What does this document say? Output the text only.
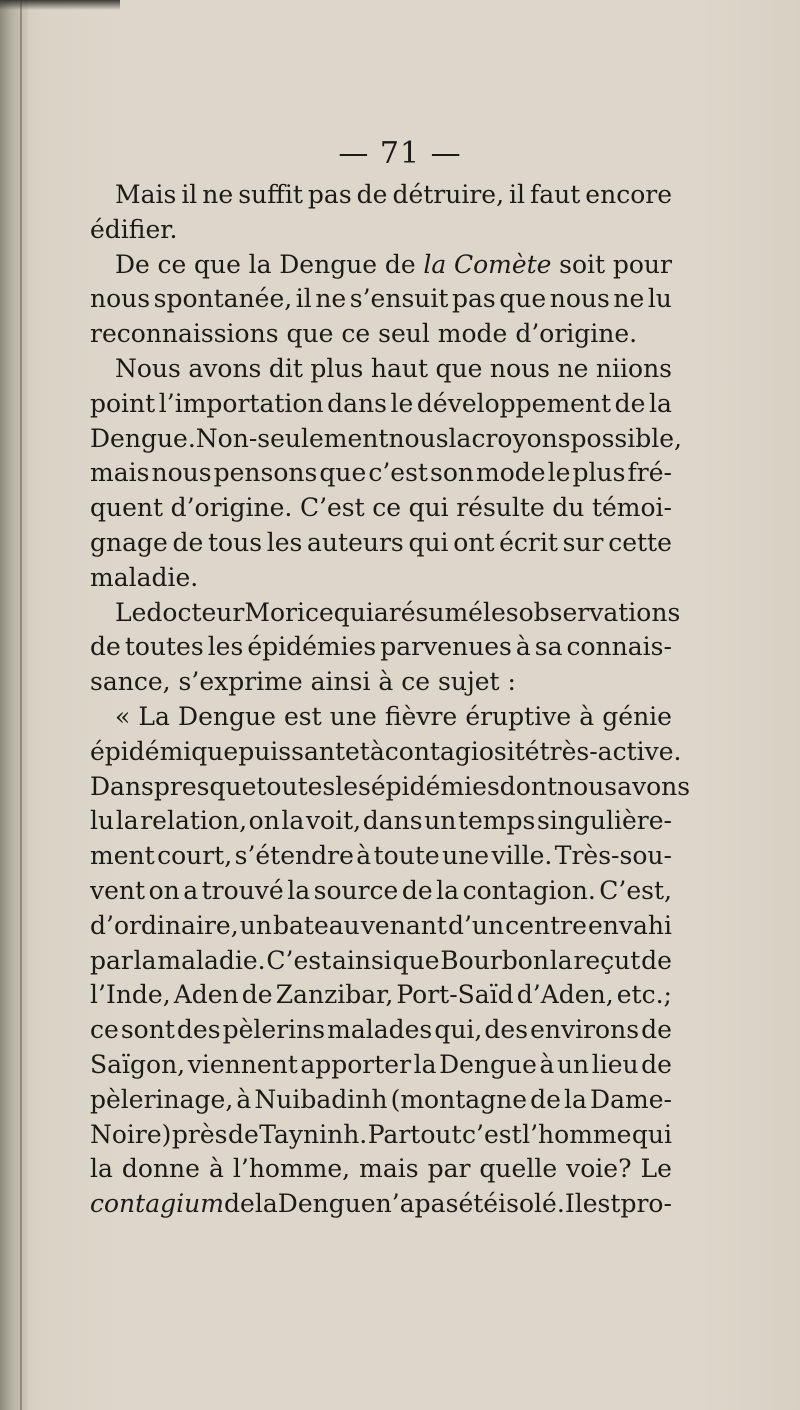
— 71 —
Mais il ne suffit pas de détruire, il faut encore
édifier.
De ce que la Dengue de la Comète soit pour
nous spontanée, il ne s’ensuit pas que nous ne lu
reconnaissions
que
ce
seul
mode
d’origine.
Nous avons dit plus haut que nous ne niions
point l’importation dans le développement de la
Dengue. Non-seulement nous la croyons possible,
mais nous pensons que c’est son mode le plus fré-
quent d’origine. C’est ce qui résulte du témoi-
gnage de tous les auteurs qui ont écrit sur cette
maladie.
Le docteur Morice qui a résumé les observations
de toutes les épidémies parvenues à sa connais-
sance,
s’exprime
ainsi
à
ce
sujet
:
« La Dengue est une fièvre éruptive à génie
épidémique puissant et à contagiosité très-active.
Dans presque toutes les épidémies dont nous avons
lu la relation, on la voit, dans un temps singulière-
ment court, s’étendre à toute une ville. Très-sou-
vent on a trouvé la source de la contagion. C’est,
d’ordinaire, un bateau venant d’un centre envahi
par la maladie. C’est ainsi que Bourbon la reçut de
l’Inde, Aden de Zanzibar, Port-Saïd d’Aden, etc.;
ce sont des pèlerins malades qui, des environs de
Saïgon, viennent apporter la Dengue à un lieu de
pèlerinage, à Nuibadinh (montagne de la Dame-
Noire) près de Tayninh. Partout c’est l’homme qui
la donne à l’homme, mais par quelle voie? Le
contagium de la Dengue n’a pas été isolé. Il est pro-
